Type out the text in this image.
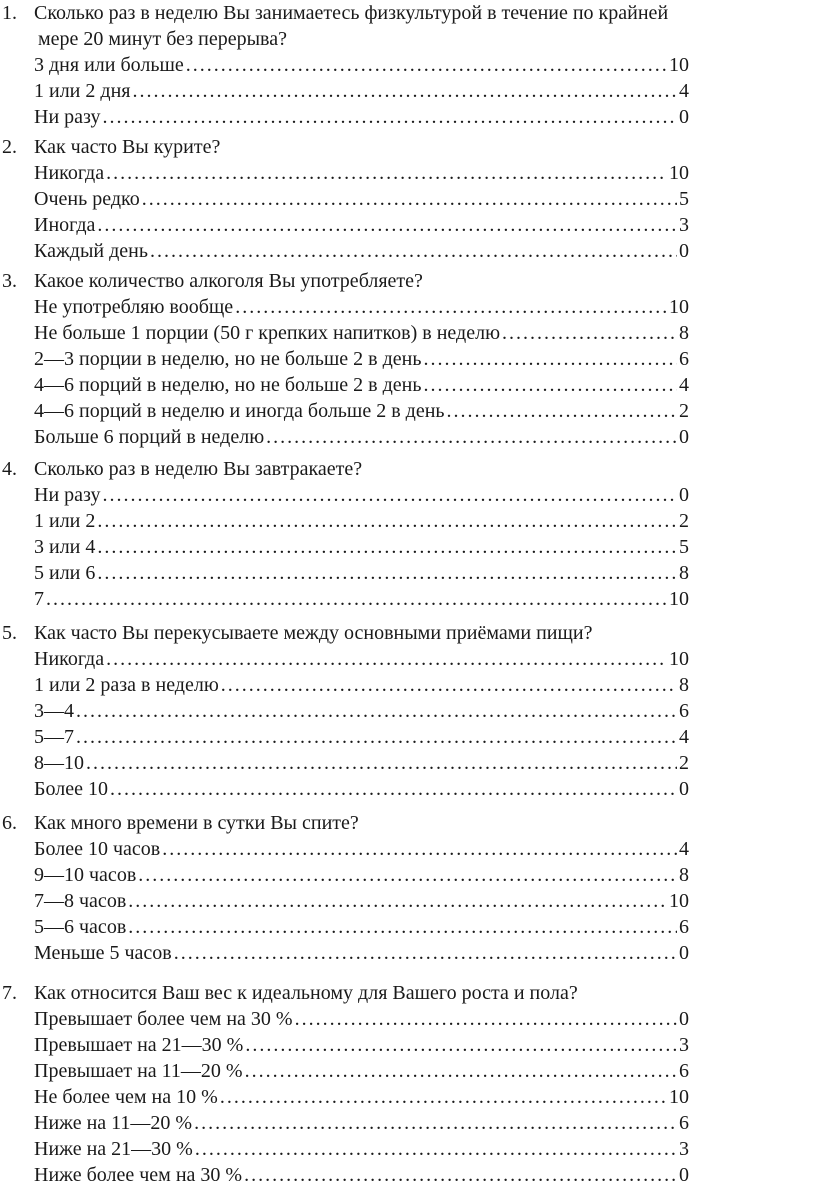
1. Сколько раз в неделю Вы занимаетесь физкультурой в течение по крайней
мере 20 минут без перерыва?
3 дня или больше .....	10
1 или 2 дня .....	4
Ни разу .....	0
2. Как часто Вы курите?
Никогда .....	10
Очень редко .....	5
Иногда .....	3
Каждый день .....	0
3. Какое количество алкоголя Вы употребляете?
Не употребляю вообще .....	10
Не больше 1 порции (50 г крепких напитков) в неделю .....	8
2—3 порции в неделю, но не больше 2 в день .....	6
4—6 порций в неделю, но не больше 2 в день .....	4
4—6 порций в неделю и иногда больше 2 в день .....	2
Больше 6 порций в неделю .....	0
4. Сколько раз в неделю Вы завтракаете?
Ни разу .....	0
1 или 2 .....	2
3 или 4 .....	5
5 или 6 .....	8
7 .....	10
5. Как часто Вы перекусываете между основными приёмами пищи?
Никогда .....	10
1 или 2 раза в неделю .....	8
3—4 .....	6
5—7 .....	4
8—10 .....	2
Более 10 .....	0
6. Как много времени в сутки Вы спите?
Более 10 часов .....	4
9—10 часов .....	8
7—8 часов .....	10
5—6 часов .....	6
Меньше 5 часов .....	0
7. Как относится Ваш вес к идеальному для Вашего роста и пола?
Превышает более чем на 30 % .....	0
Превышает на 21—30 % .....	3
Превышает на 11—20 % .....	6
Не более чем на 10 % .....	10
Ниже на 11—20 % .....	6
Ниже на 21—30 % .....	3
Ниже более чем на 30 % .....	0
